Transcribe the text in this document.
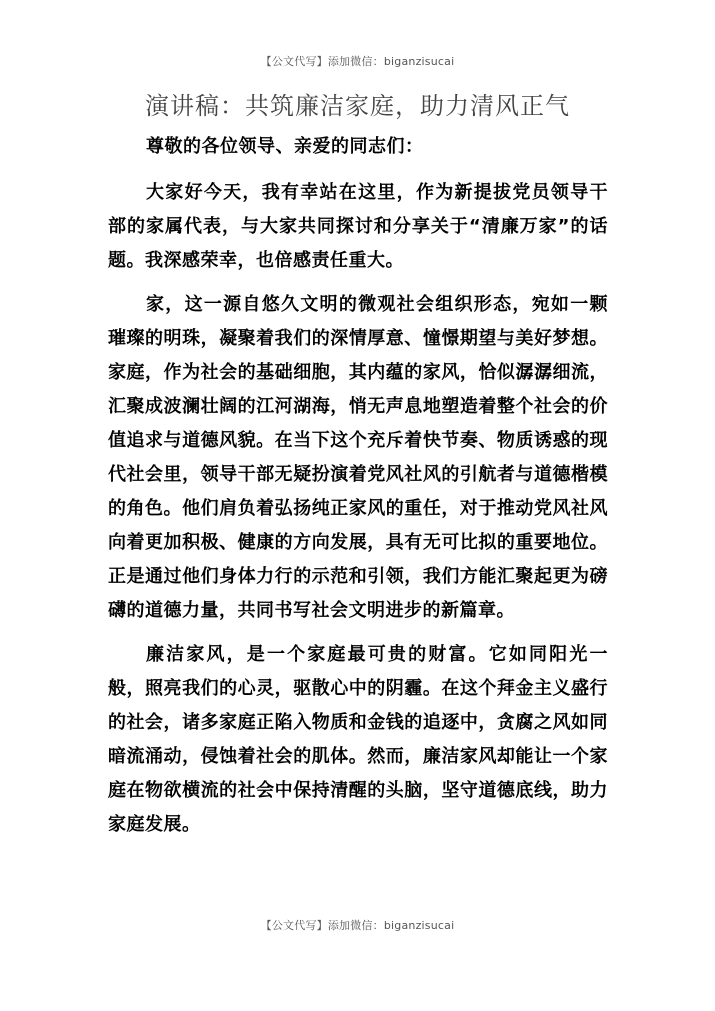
【公文代写】添加微信：biganzisucai
演讲稿：共筑廉洁家庭，助力清风正气

尊敬的各位领导、亲爱的同志们：

大家好今天，我有幸站在这里，作为新提拔党员领导干部的家属代表，与大家共同探讨和分享关于“清廉万家”的话题。我深感荣幸，也倍感责任重大。

家，这一源自悠久文明的微观社会组织形态，宛如一颗璀璨的明珠，凝聚着我们的深情厚意、憧憬期望与美好梦想。家庭，作为社会的基础细胞，其内蕴的家风，恰似潺潺细流，汇聚成波澜壮阔的江河湖海，悄无声息地塑造着整个社会的价值追求与道德风貌。在当下这个充斥着快节奏、物质诱惑的现代社会里，领导干部无疑扮演着党风社风的引航者与道德楷模的角色。他们肩负着弘扬纯正家风的重任，对于推动党风社风向着更加积极、健康的方向发展，具有无可比拟的重要地位。正是通过他们身体力行的示范和引领，我们方能汇聚起更为磅礴的道德力量，共同书写社会文明进步的新篇章。

廉洁家风，是一个家庭最可贵的财富。它如同阳光一般，照亮我们的心灵，驱散心中的阴霾。在这个拜金主义盛行的社会，诸多家庭正陷入物质和金钱的追逐中，贪腐之风如同暗流涌动，侵蚀着社会的肌体。然而，廉洁家风却能让一个家庭在物欲横流的社会中保持清醒的头脑，坚守道德底线，助力家庭发展。

【公文代写】添加微信：biganzisucai
